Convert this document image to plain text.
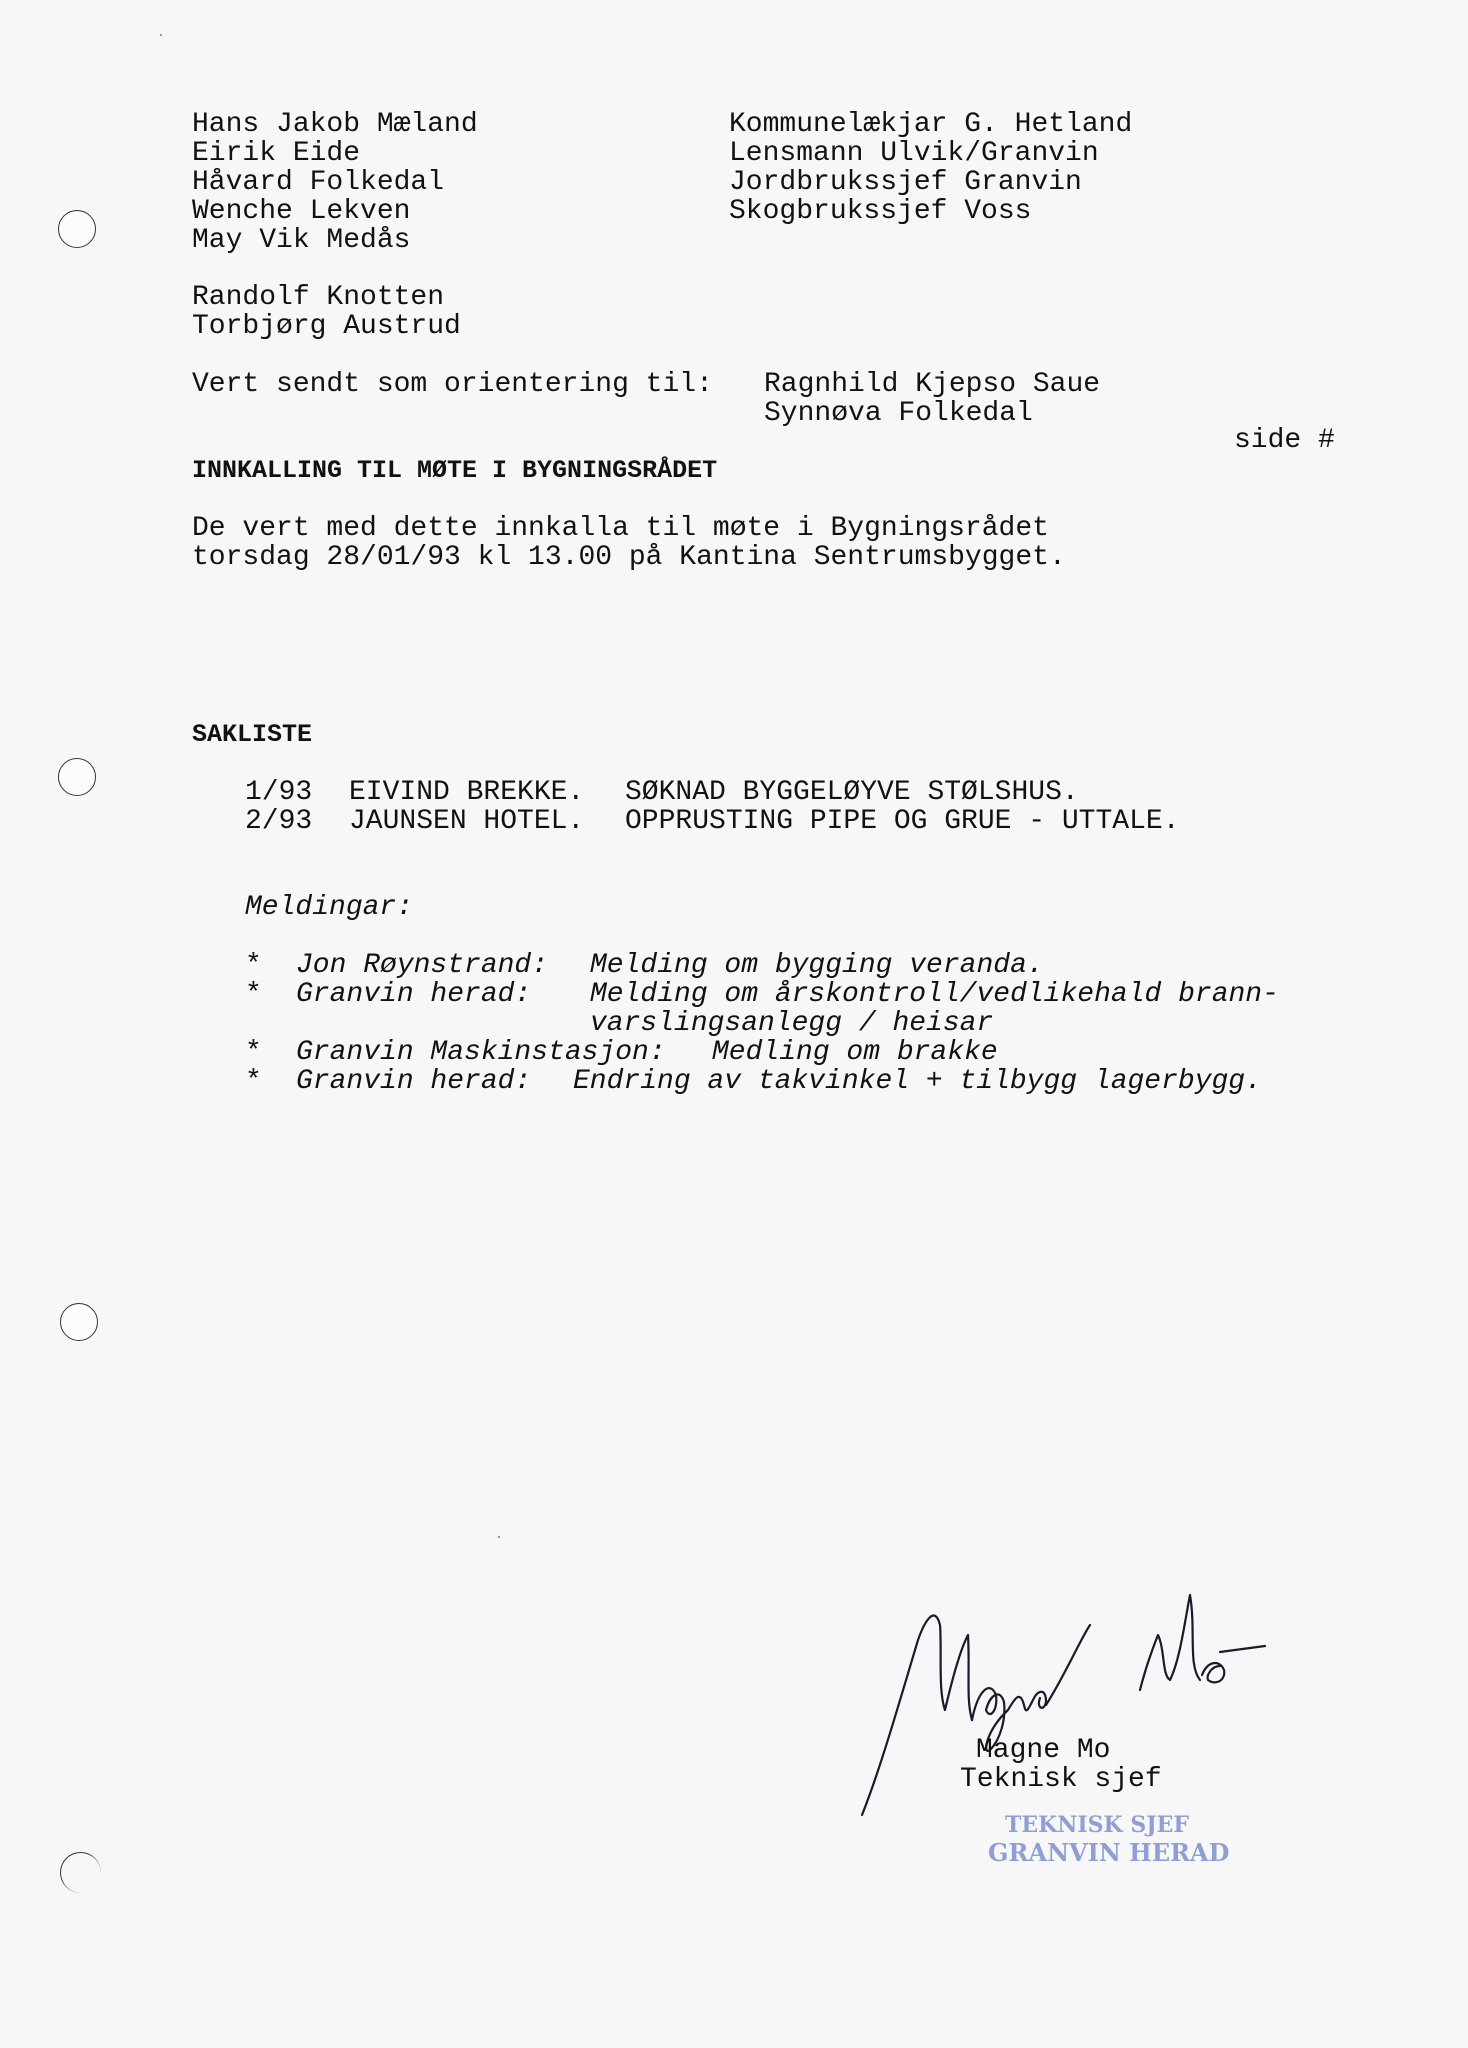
Hans Jakob Mæland
Eirik Eide
Håvard Folkedal
Wenche Lekven
May Vik Medås
Kommunelækjar G. Hetland
Lensmann Ulvik/Granvin
Jordbrukssjef Granvin
Skogbrukssjef Voss
Randolf Knotten
Torbjørg Austrud
Vert sendt som orientering til: Ragnhild Kjepso Saue
Synnøva Folkedal
side #
INNKALLING TIL MØTE I BYGNINGSRÅDET
De vert med dette innkalla til møte i Bygningsrådet
torsdag 28/01/93 kl 13.00 på Kantina Sentrumsbygget.
SAKLISTE
1/93 EIVIND BREKKE. SØKNAD BYGGELØYVE STØLSHUS.
2/93 JAUNSEN HOTEL. OPPRUSTING PIPE OG GRUE - UTTALE.
Meldingar:
* Jon Røynstrand: Melding om bygging veranda.
* Granvin herad: Melding om årskontroll/vedlikehald brann-
varslingsanlegg / heisar
* Granvin Maskinstasjon: Medling om brakke
* Granvin herad: Endring av takvinkel + tilbygg lagerbygg.
Magne Mo
Teknisk sjef
TEKNISK SJEF
GRANVIN HERAD
